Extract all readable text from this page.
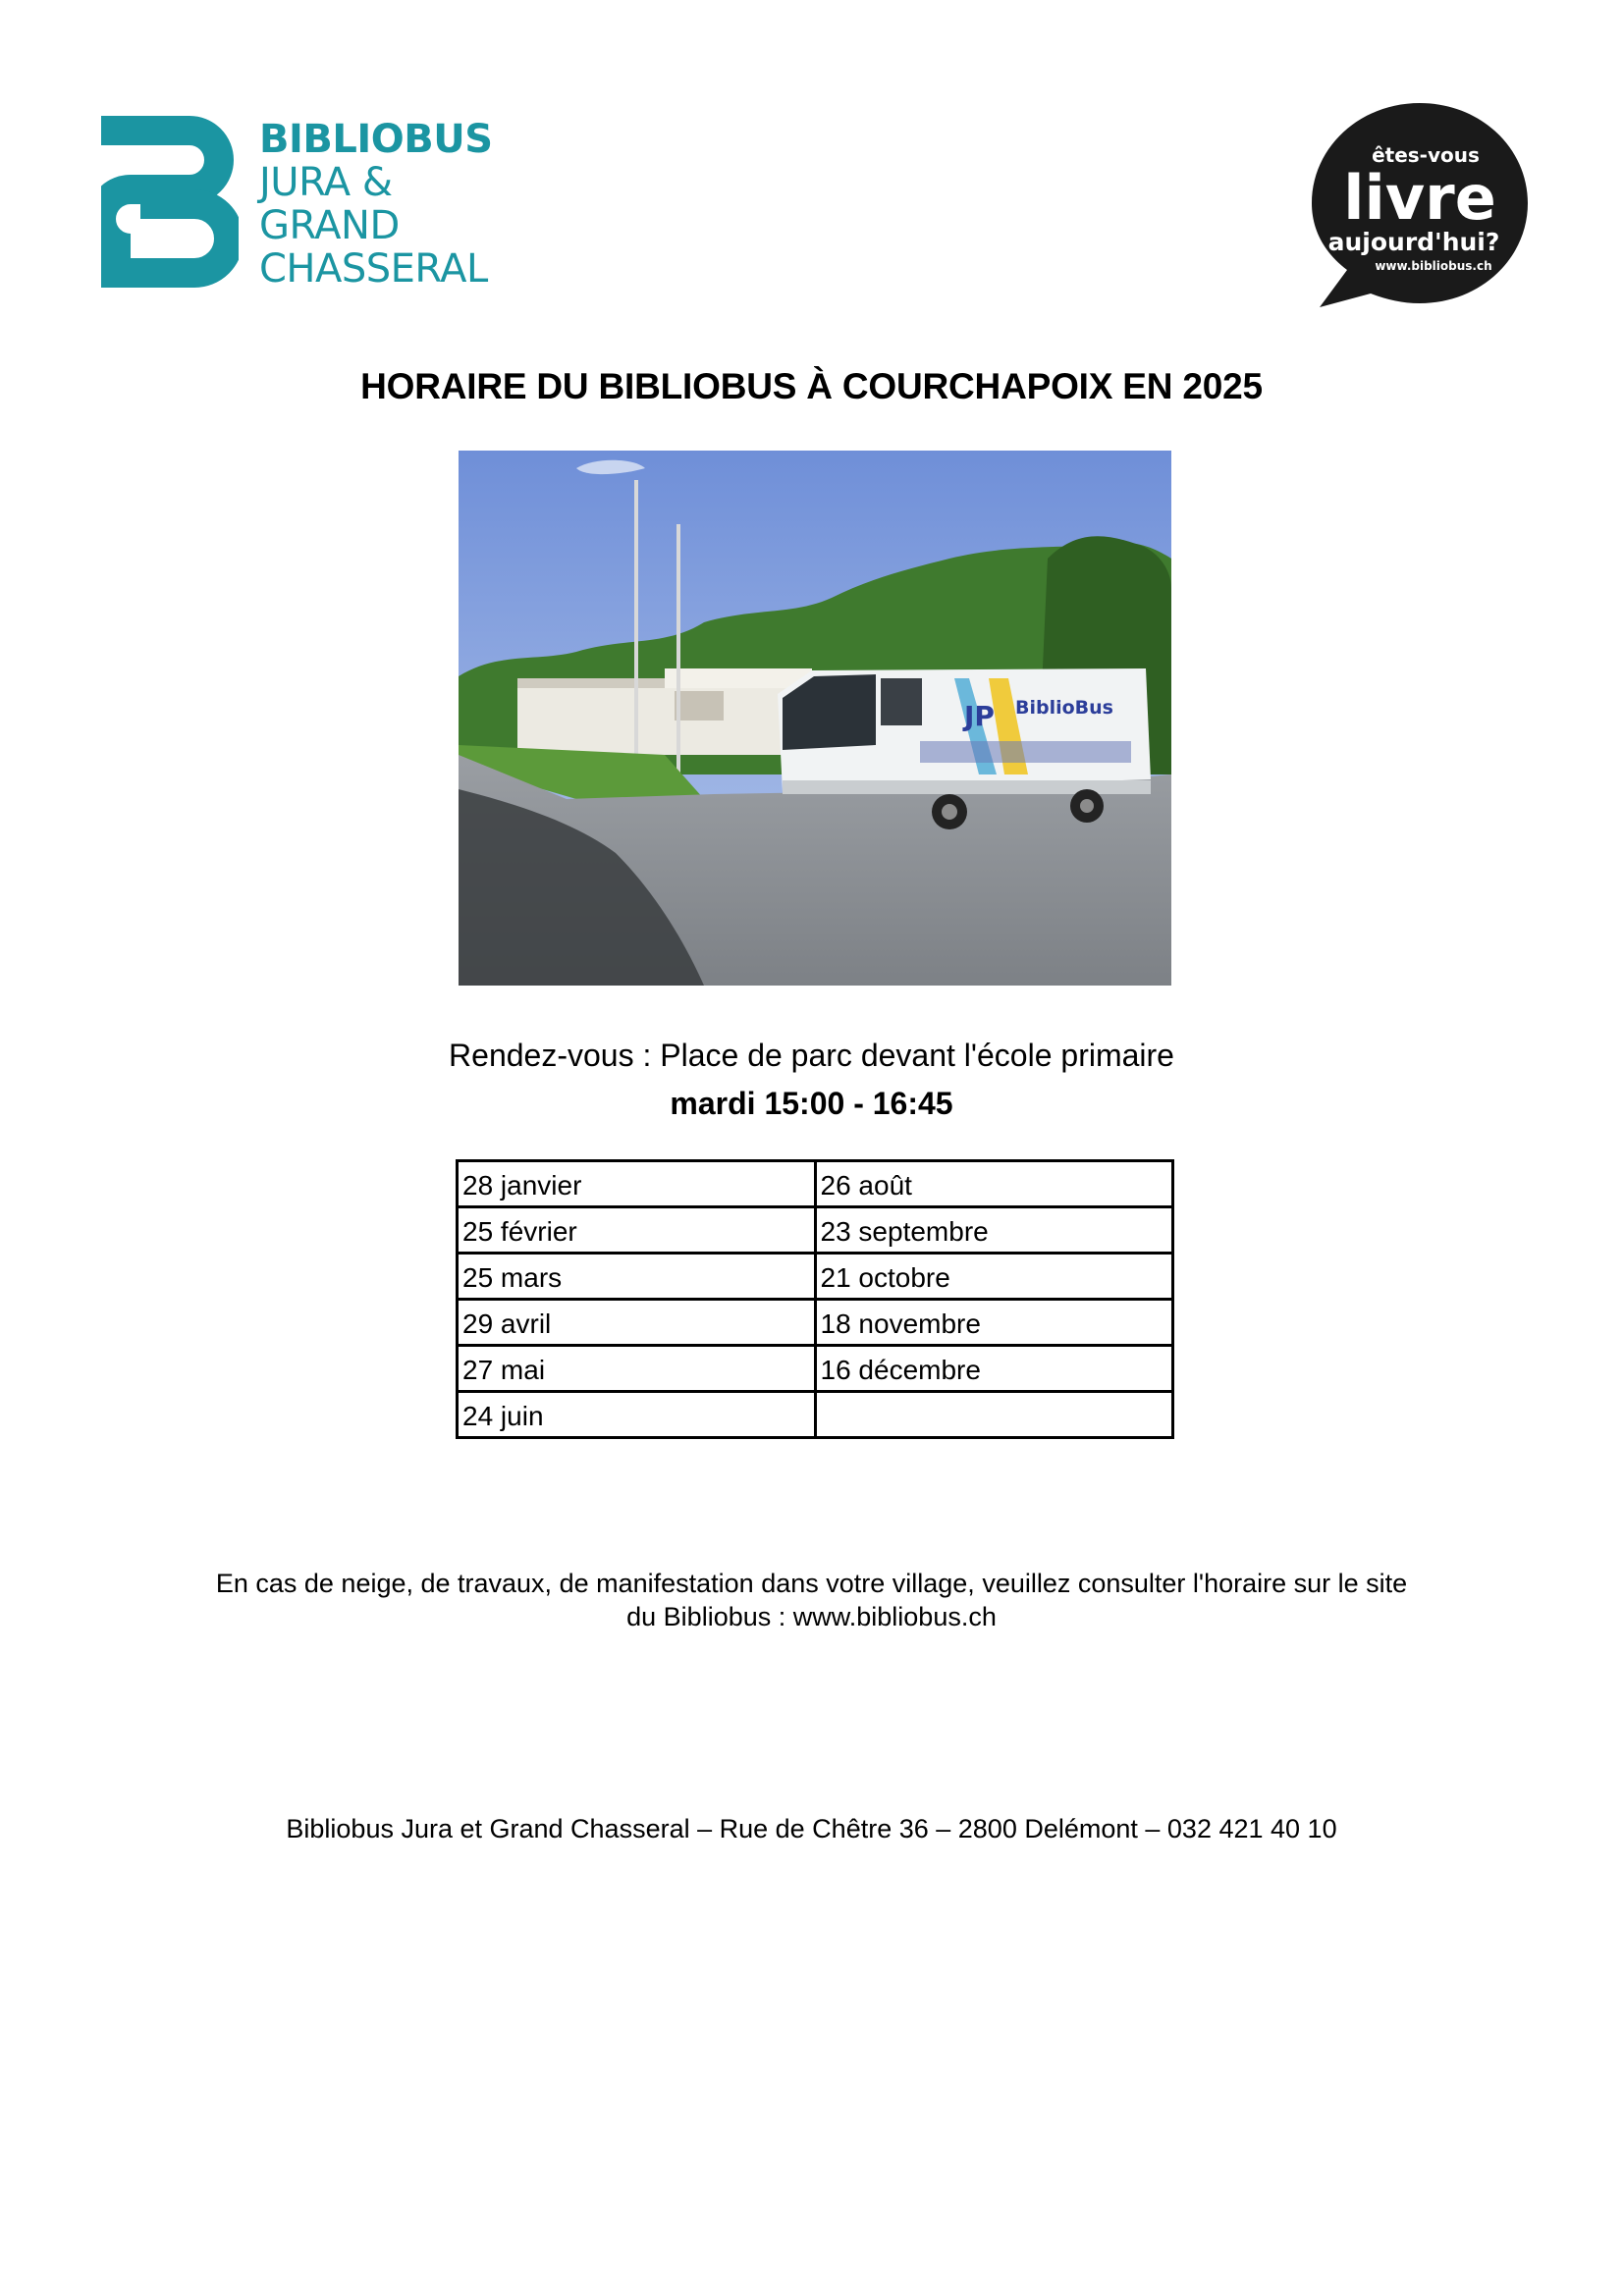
BIBLIOBUS
JURA &
GRAND
CHASSERAL
êtes-vous
livre
aujourd'hui?
www.bibliobus.ch
HORAIRE DU BIBLIOBUS À COURCHAPOIX EN 2025
BiblioBus
JP
Rendez-vous : Place de parc devant l'école primaire
mardi 15:00 - 16:45
28 janvier	26 août
25 février	23 septembre
25 mars	21 octobre
29 avril	18 novembre
27 mai	16 décembre
24 juin	
En cas de neige, de travaux, de manifestation dans votre village, veuillez consulter l'horaire sur le site
du Bibliobus : www.bibliobus.ch
Bibliobus Jura et Grand Chasseral – Rue de Chêtre 36 – 2800 Delémont – 032 421 40 10
